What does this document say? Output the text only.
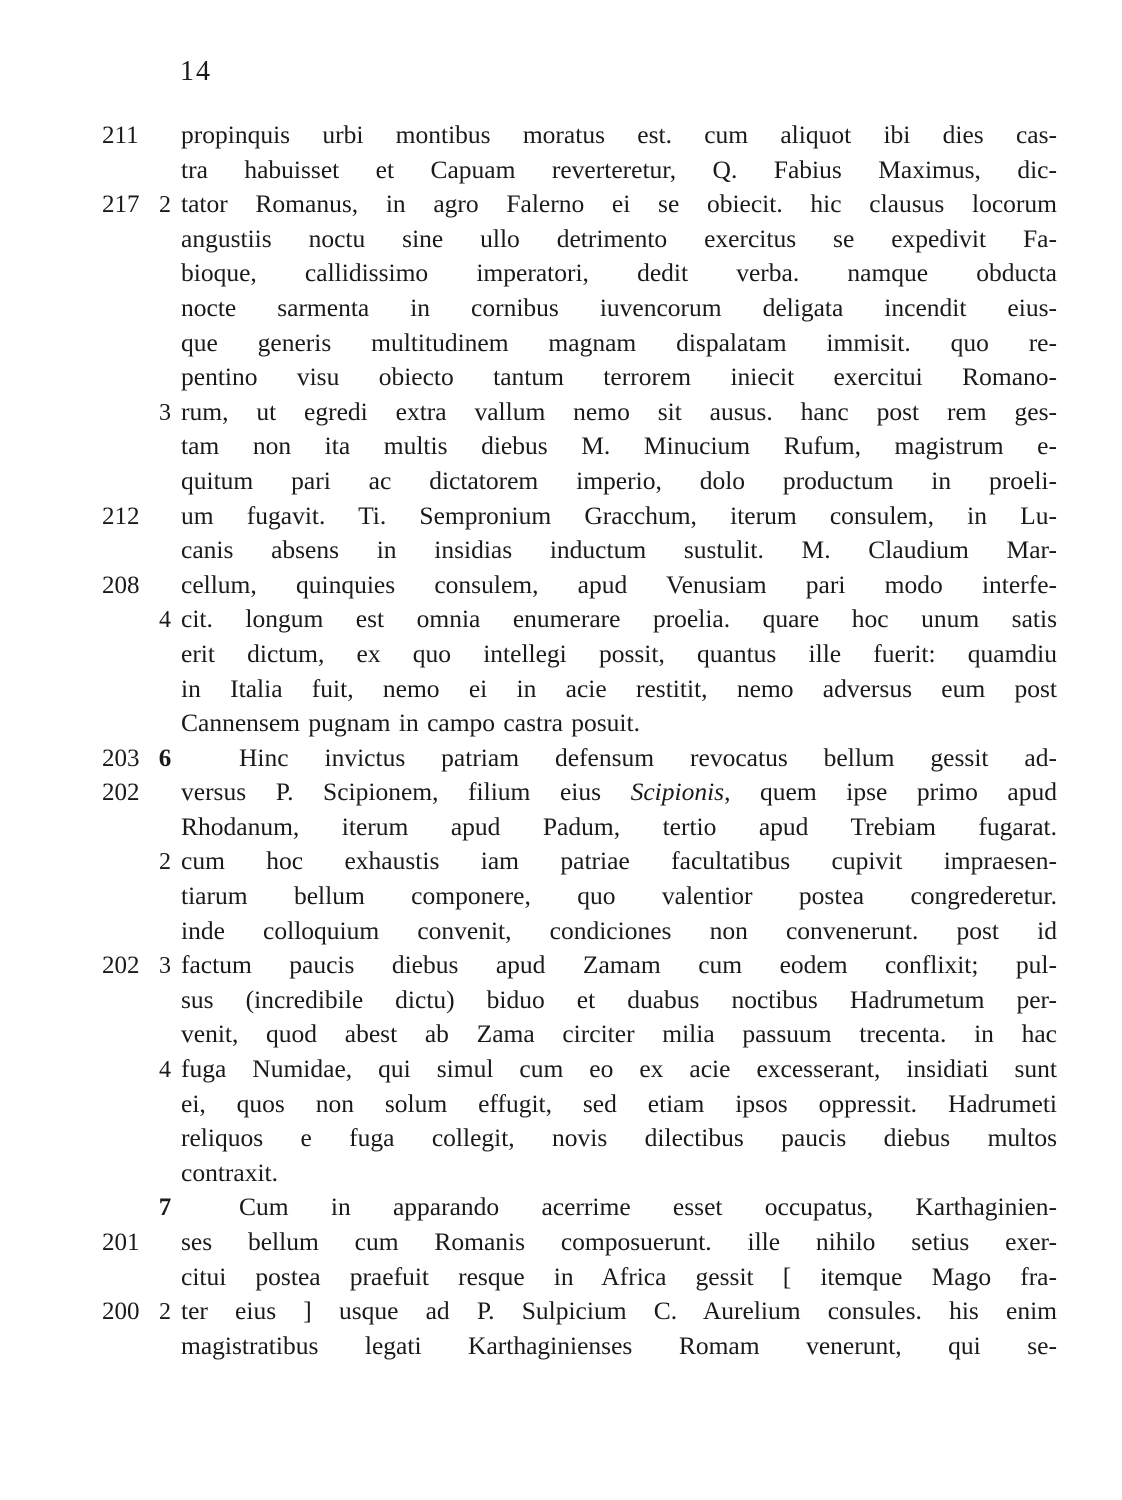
14
211	propinquis urbi montibus moratus est. cum aliquot ibi dies cas-
tra habuisset et Capuam reverteretur, Q. Fabius Maximus, dic-
217 2 tator Romanus, in agro Falerno ei se obiecit. hic clausus locorum
angustiis noctu sine ullo detrimento exercitus se expedivit Fa-
bioque, callidissimo imperatori, dedit verba. namque obducta
nocte sarmenta in cornibus iuvencorum deligata incendit eius-
que generis multitudinem magnam dispalatam immisit. quo re-
pentino visu obiecto tantum terrorem iniecit exercitui Romano-
3 rum, ut egredi extra vallum nemo sit ausus. hanc post rem ges-
tam non ita multis diebus M. Minucium Rufum, magistrum e-
quitum pari ac dictatorem imperio, dolo productum in proeli-
212	um fugavit. Ti. Sempronium Gracchum, iterum consulem, in Lu-
canis absens in insidias inductum sustulit. M. Claudium Mar-
208	cellum, quinquies consulem, apud Venusiam pari modo interfe-
4 cit. longum est omnia enumerare proelia. quare hoc unum satis
erit dictum, ex quo intellegi possit, quantus ille fuerit: quamdiu
in Italia fuit, nemo ei in acie restitit, nemo adversus eum post
Cannensem pugnam in campo castra posuit.
203 6	Hinc invictus patriam defensum revocatus bellum gessit ad-
202	versus P. Scipionem, filium eius Scipionis, quem ipse primo apud
Rhodanum, iterum apud Padum, tertio apud Trebiam fugarat.
2 cum hoc exhaustis iam patriae facultatibus cupivit impraesen-
tiarum bellum componere, quo valentior postea congrederetur.
inde colloquium convenit, condiciones non convenerunt. post id
202 3 factum paucis diebus apud Zamam cum eodem conflixit; pul-
sus (incredibile dictu) biduo et duabus noctibus Hadrumetum per-
venit, quod abest ab Zama circiter milia passuum trecenta. in hac
4 fuga Numidae, qui simul cum eo ex acie excesserant, insidiati sunt
ei, quos non solum effugit, sed etiam ipsos oppressit. Hadrumeti
reliquos e fuga collegit, novis dilectibus paucis diebus multos
contraxit.
7	Cum in apparando acerrime esset occupatus, Karthaginien-
201	ses bellum cum Romanis composuerunt. ille nihilo setius exer-
citui postea praefuit resque in Africa gessit [ itemque Mago fra-
200 2 ter eius ] usque ad P. Sulpicium C. Aurelium consules. his enim
magistratibus legati Karthaginienses Romam venerunt, qui se-
